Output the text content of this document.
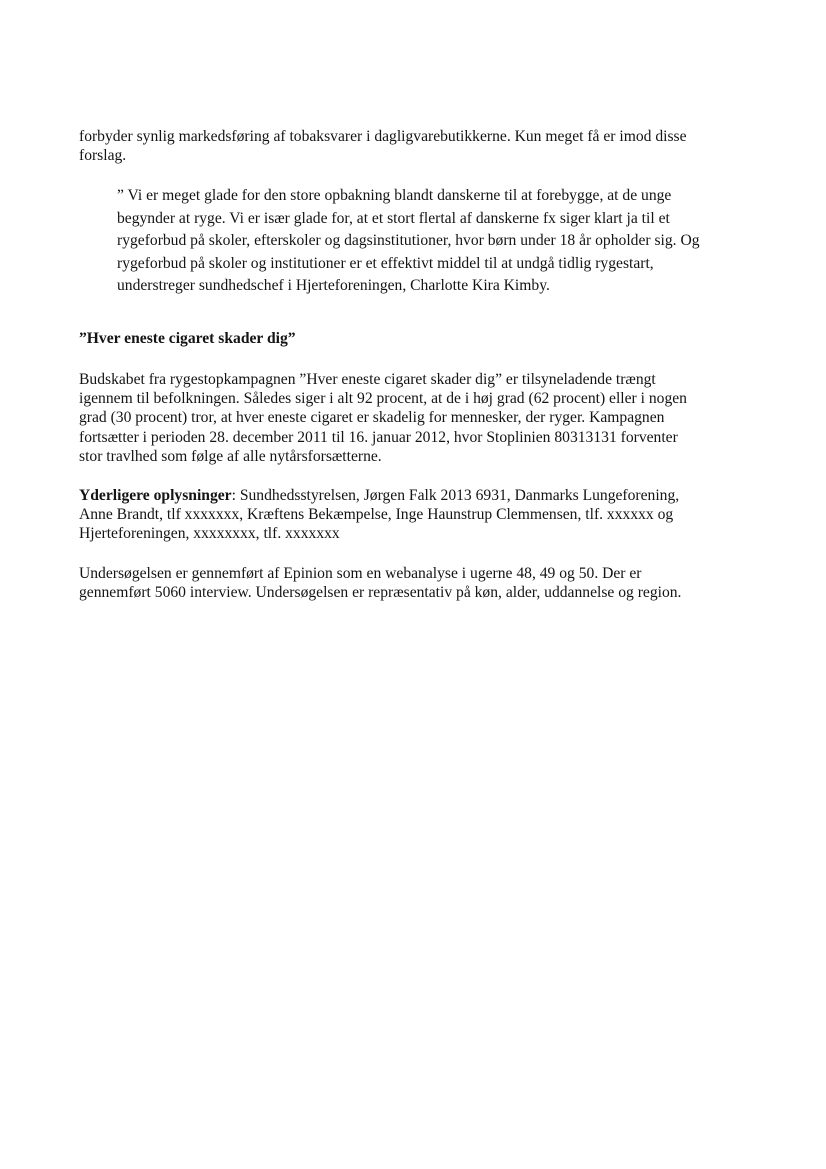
forbyder synlig markedsføring af tobaksvarer i dagligvarebutikkerne. Kun meget få er imod disse
forslag.

” Vi er meget glade for den store opbakning blandt danskerne til at forebygge, at de unge
begynder at ryge. Vi er især glade for, at et stort flertal af danskerne fx siger klart ja til et
rygeforbud på skoler, efterskoler og dagsinstitutioner, hvor børn under 18 år opholder sig. Og
rygeforbud på skoler og institutioner er et effektivt middel til at undgå tidlig rygestart,
understreger sundhedschef i Hjerteforeningen, Charlotte Kira Kimby.

”Hver eneste cigaret skader dig”

Budskabet fra rygestopkampagnen ”Hver eneste cigaret skader dig” er tilsyneladende trængt
igennem til befolkningen. Således siger i alt 92 procent, at de i høj grad (62 procent) eller i nogen
grad (30 procent) tror, at hver eneste cigaret er skadelig for mennesker, der ryger. Kampagnen
fortsætter i perioden 28. december 2011 til 16. januar 2012, hvor Stoplinien 80313131 forventer
stor travlhed som følge af alle nytårsforsætterne.

Yderligere oplysninger: Sundhedsstyrelsen, Jørgen Falk 2013 6931, Danmarks Lungeforening,
Anne Brandt, tlf xxxxxxx, Kræftens Bekæmpelse, Inge Haunstrup Clemmensen, tlf. xxxxxx og
Hjerteforeningen, xxxxxxxx, tlf. xxxxxxx

Undersøgelsen er gennemført af Epinion som en webanalyse i ugerne 48, 49 og 50. Der er
gennemført 5060 interview. Undersøgelsen er repræsentativ på køn, alder, uddannelse og region.
